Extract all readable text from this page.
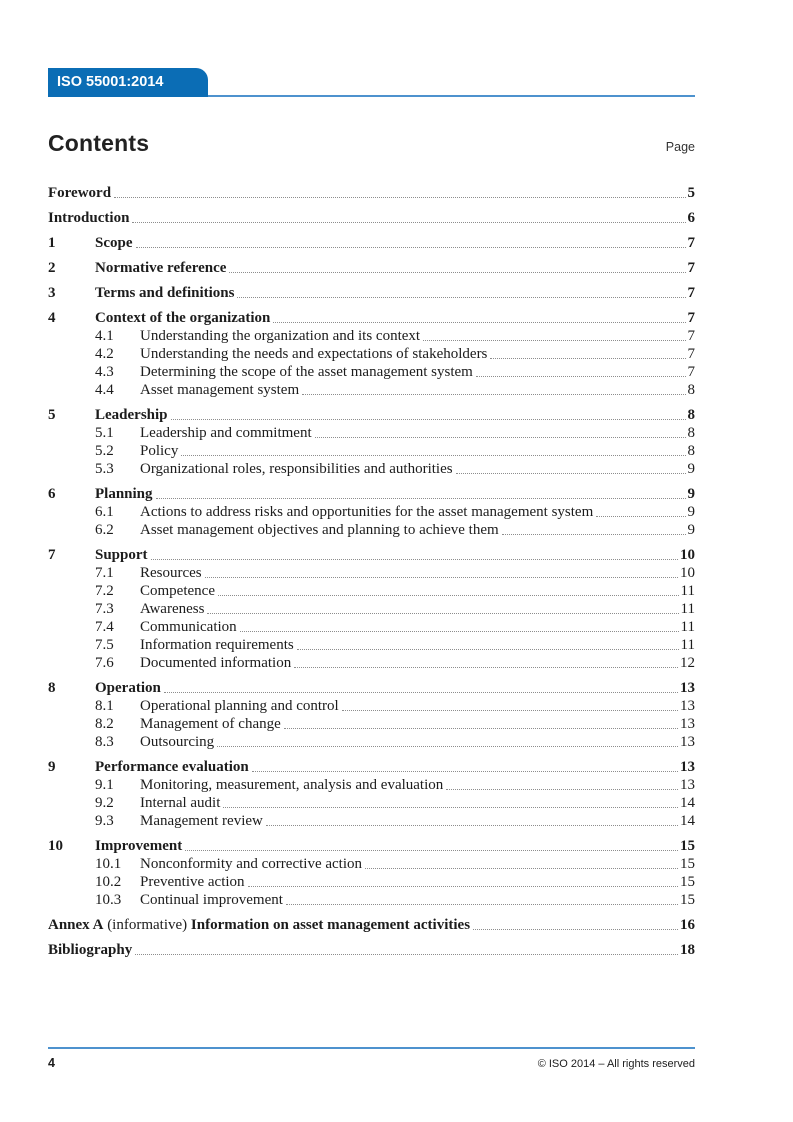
ISO 55001:2014
Contents	Page
Foreword	5
Introduction	6
1	Scope	7
2	Normative reference	7
3	Terms and definitions	7
4	Context of the organization	7
4.1	Understanding the organization and its context	7
4.2	Understanding the needs and expectations of stakeholders	7
4.3	Determining the scope of the asset management system	7
4.4	Asset management system	8
5	Leadership	8
5.1	Leadership and commitment	8
5.2	Policy	8
5.3	Organizational roles, responsibilities and authorities	9
6	Planning	9
6.1	Actions to address risks and opportunities for the asset management system	9
6.2	Asset management objectives and planning to achieve them	9
7	Support	10
7.1	Resources	10
7.2	Competence	11
7.3	Awareness	11
7.4	Communication	11
7.5	Information requirements	11
7.6	Documented information	12
8	Operation	13
8.1	Operational planning and control	13
8.2	Management of change	13
8.3	Outsourcing	13
9	Performance evaluation	13
9.1	Monitoring, measurement, analysis and evaluation	13
9.2	Internal audit	14
9.3	Management review	14
10	Improvement	15
10.1	Nonconformity and corrective action	15
10.2	Preventive action	15
10.3	Continual improvement	15
Annex A (informative) Information on asset management activities	16
Bibliography	18
4	© ISO 2014 – All rights reserved
